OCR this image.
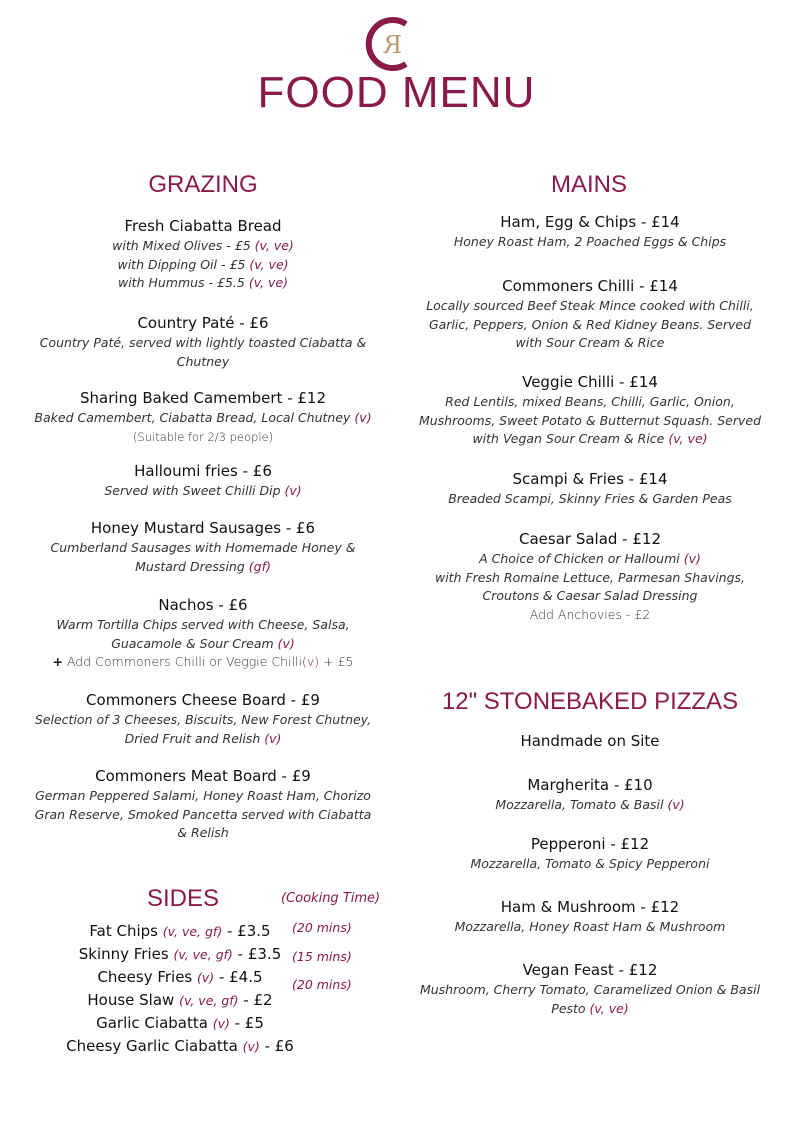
R
FOOD MENU
GRAZING
Fresh Ciabatta Bread
with Mixed Olives - £5 (v, ve)
with Dipping Oil - £5 (v, ve)
with Hummus - £5.5 (v, ve)
Country Paté - £6
Country Paté, served with lightly toasted Ciabatta & Chutney
Sharing Baked Camembert - £12
Baked Camembert, Ciabatta Bread, Local Chutney (v)
(Suitable for 2/3 people)
Halloumi fries - £6
Served with Sweet Chilli Dip (v)
Honey Mustard Sausages - £6
Cumberland Sausages with Homemade Honey & Mustard Dressing (gf)
Nachos - £6
Warm Tortilla Chips served with Cheese, Salsa, Guacamole & Sour Cream (v)
+ Add Commoners Chilli or Veggie Chilli(v) + £5
Commoners Cheese Board - £9
Selection of 3 Cheeses, Biscuits, New Forest Chutney, Dried Fruit and Relish (v)
Commoners Meat Board - £9
German Peppered Salami, Honey Roast Ham, Chorizo Gran Reserve, Smoked Pancetta served with Ciabatta & Relish
SIDES	(Cooking Time)
Fat Chips (v, ve, gf) - £3.5
Skinny Fries (v, ve, gf) - £3.5
Cheesy Fries (v) - £4.5
House Slaw (v, ve, gf) - £2
Garlic Ciabatta (v) - £5
Cheesy Garlic Ciabatta (v) - £6
(20 mins)
(15 mins)
(20 mins)
MAINS
Ham, Egg & Chips - £14
Honey Roast Ham, 2 Poached Eggs & Chips
Commoners Chilli - £14
Locally sourced Beef Steak Mince cooked with Chilli, Garlic, Peppers, Onion & Red Kidney Beans. Served with Sour Cream & Rice
Veggie Chilli - £14
Red Lentils, mixed Beans, Chilli, Garlic, Onion, Mushrooms, Sweet Potato & Butternut Squash. Served with Vegan Sour Cream & Rice (v, ve)
Scampi & Fries - £14
Breaded Scampi, Skinny Fries & Garden Peas
Caesar Salad - £12
A Choice of Chicken or Halloumi (v)
with Fresh Romaine Lettuce, Parmesan Shavings, Croutons & Caesar Salad Dressing
Add Anchovies - £2
12" STONEBAKED PIZZAS
Handmade on Site
Margherita - £10
Mozzarella, Tomato & Basil (v)
Pepperoni - £12
Mozzarella, Tomato & Spicy Pepperoni
Ham & Mushroom - £12
Mozzarella, Honey Roast Ham & Mushroom
Vegan Feast - £12
Mushroom, Cherry Tomato, Caramelized Onion & Basil Pesto (v, ve)
